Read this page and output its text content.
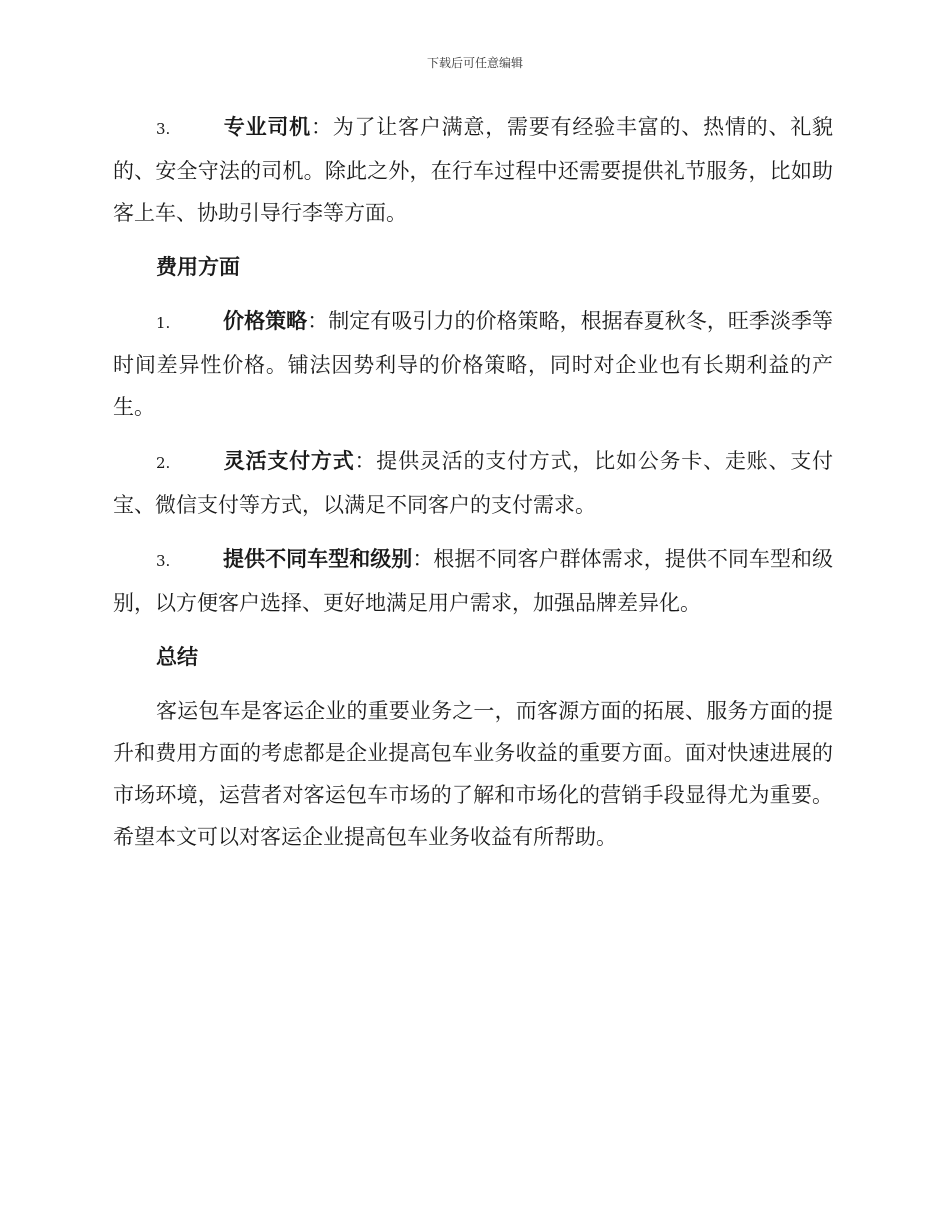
下载后可任意编辑

3.	专业司机：为了让客户满意，需要有经验丰富的、热情的、礼貌的、安全守法的司机。除此之外，在行车过程中还需要提供礼节服务，比如助客上车、协助引导行李等方面。

费用方面

1.	价格策略：制定有吸引力的价格策略，根据春夏秋冬，旺季淡季等时间差异性价格。铺法因势利导的价格策略，同时对企业也有长期利益的产生。

2.	灵活支付方式：提供灵活的支付方式，比如公务卡、走账、支付宝、微信支付等方式，以满足不同客户的支付需求。

3.	提供不同车型和级别：根据不同客户群体需求，提供不同车型和级别，以方便客户选择、更好地满足用户需求，加强品牌差异化。

总结

客运包车是客运企业的重要业务之一，而客源方面的拓展、服务方面的提升和费用方面的考虑都是企业提高包车业务收益的重要方面。面对快速进展的市场环境，运营者对客运包车市场的了解和市场化的营销手段显得尤为重要。希望本文可以对客运企业提高包车业务收益有所帮助。
